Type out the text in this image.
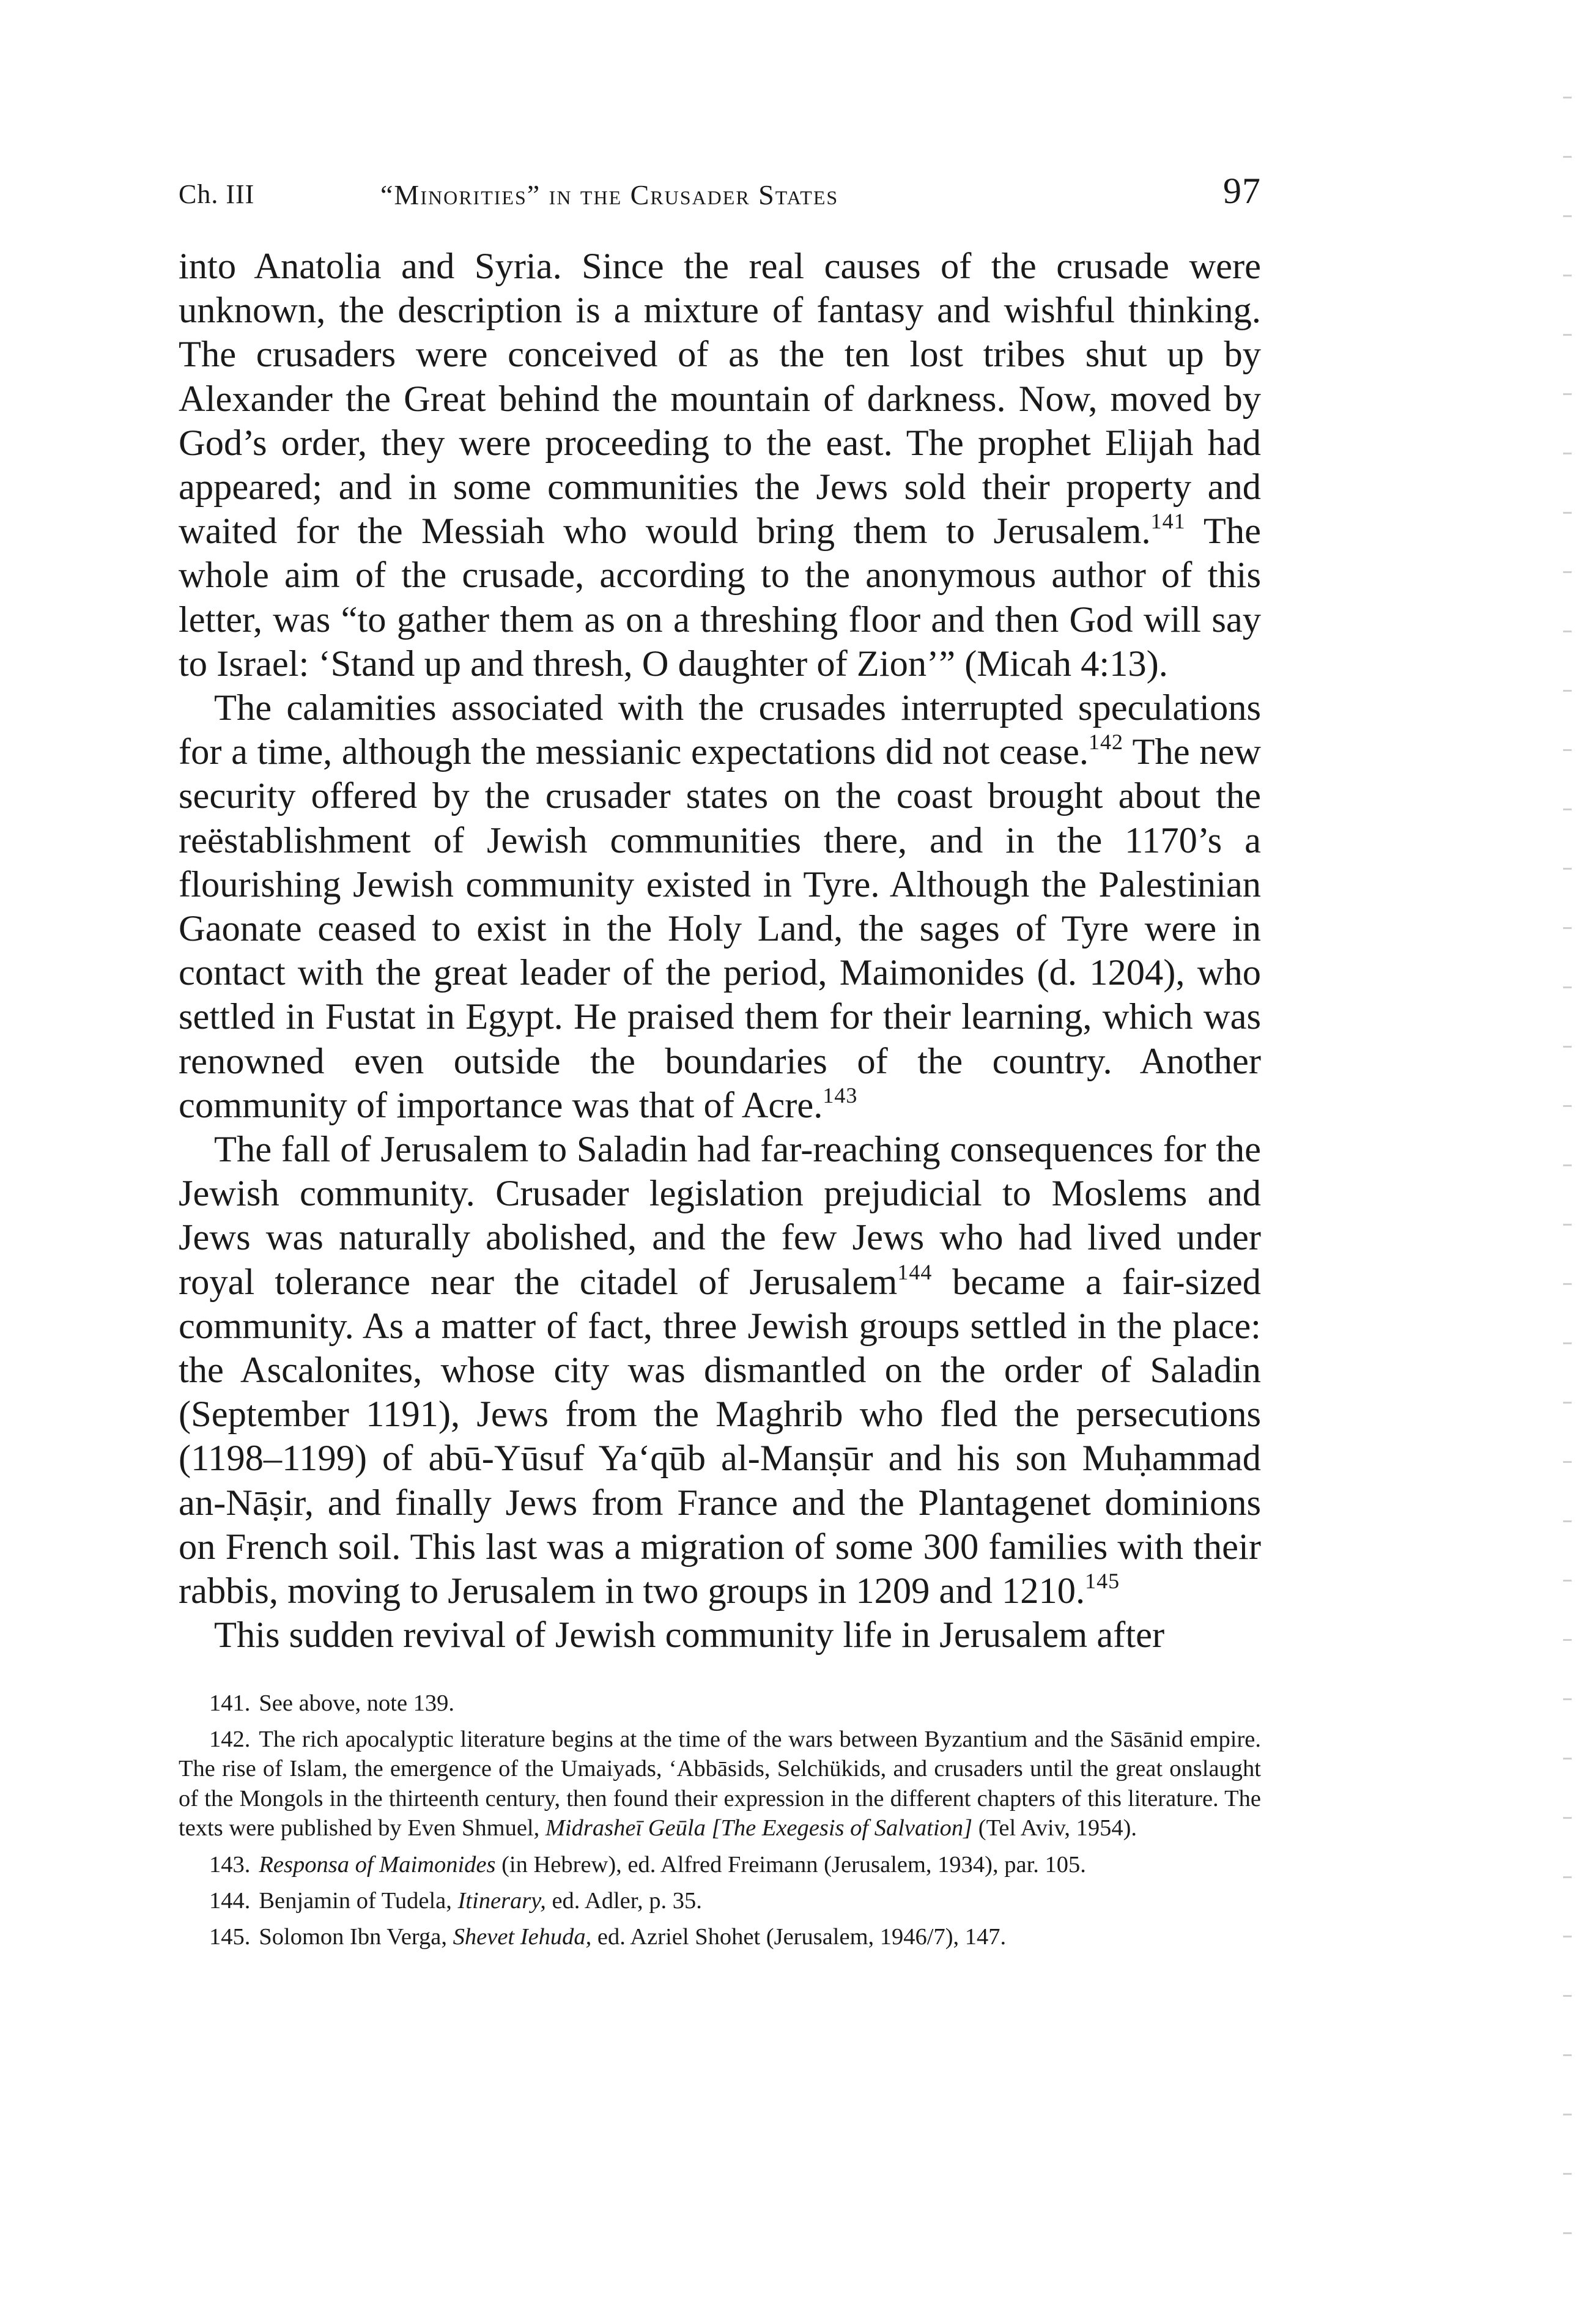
Ch. III	“Minorities” in the Crusader States	97

into Anatolia and Syria. Since the real causes of the crusade were unknown, the description is a mixture of fantasy and wishful thinking. The crusaders were conceived of as the ten lost tribes shut up by Alexander the Great behind the mountain of darkness. Now, moved by God’s order, they were proceeding to the east. The prophet Elijah had appeared; and in some communities the Jews sold their property and waited for the Messiah who would bring them to Jerusalem.$^{141}$ The whole aim of the crusade, according to the anonymous author of this letter, was “to gather them as on a threshing floor and then God will say to Israel: ‘Stand up and thresh, O daughter of Zion’” (Micah 4:13).

The calamities associated with the crusades interrupted speculations for a time, although the messianic expectations did not cease.$^{142}$ The new security offered by the crusader states on the coast brought about the reëstablishment of Jewish communities there, and in the 1170’s a flourishing Jewish community existed in Tyre. Although the Palestinian Gaonate ceased to exist in the Holy Land, the sages of Tyre were in contact with the great leader of the period, Maimonides (d. 1204), who settled in Fustat in Egypt. He praised them for their learning, which was renowned even outside the boundaries of the country. Another community of importance was that of Acre.$^{143}$

The fall of Jerusalem to Saladin had far-reaching consequences for the Jewish community. Crusader legislation prejudicial to Moslems and Jews was naturally abolished, and the few Jews who had lived under royal tolerance near the citadel of Jerusalem$^{144}$ became a fair-sized community. As a matter of fact, three Jewish groups settled in the place: the Ascalonites, whose city was dismantled on the order of Saladin (September 1191), Jews from the Maghrib who fled the persecutions (1198–1199) of abū-Yūsuf Ya‘qūb al-Manṣūr and his son Muḥammad an-Nāṣir, and finally Jews from France and the Plantagenet dominions on French soil. This last was a migration of some 300 families with their rabbis, moving to Jerusalem in two groups in 1209 and 1210.$^{145}$

This sudden revival of Jewish community life in Jerusalem after

141. See above, note 139.

142. The rich apocalyptic literature begins at the time of the wars between Byzantium and the Sāsānid empire. The rise of Islam, the emergence of the Umaiyads, ‘Abbāsids, Selchükids, and crusaders until the great onslaught of the Mongols in the thirteenth century, then found their expression in the different chapters of this literature. The texts were published by Even Shmuel, Midrasheī Geūla [The Exegesis of Salvation] (Tel Aviv, 1954).

143. Responsa of Maimonides (in Hebrew), ed. Alfred Freimann (Jerusalem, 1934), par. 105.

144. Benjamin of Tudela, Itinerary, ed. Adler, p. 35.

145. Solomon Ibn Verga, Shevet Iehuda, ed. Azriel Shohet (Jerusalem, 1946/7), 147.
